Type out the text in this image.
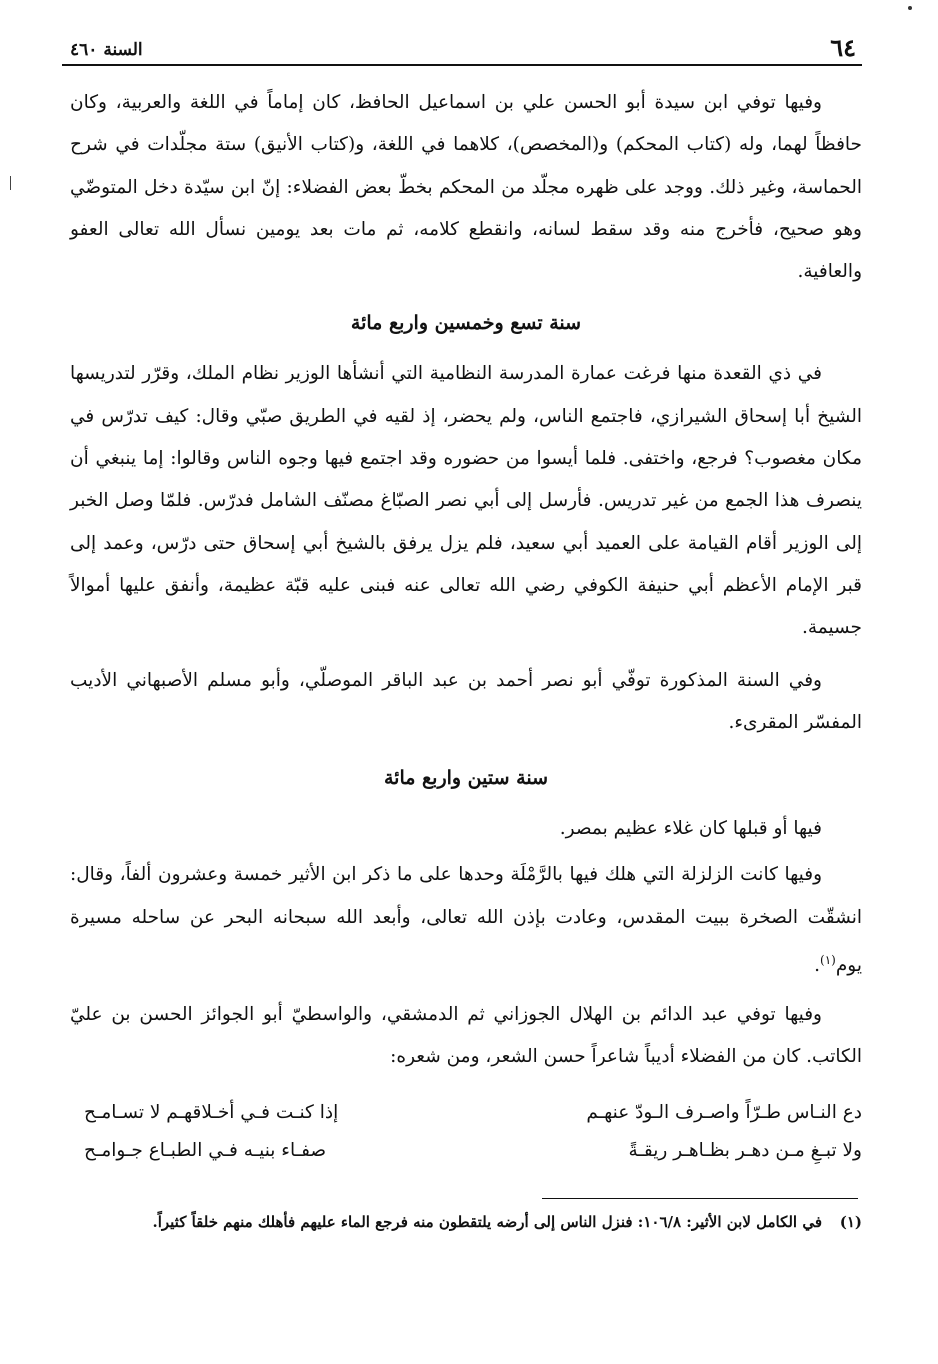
٦٤
السنة ٤٦٠

وفيها توفي ابن سيدة أبو الحسن علي بن اسماعيل الحافظ، كان إماماً في اللغة والعربية، وكان حافظاً لهما، وله (كتاب المحكم) و(المخصص)، كلاهما في اللغة، و(كتاب الأنيق) ستة مجلّدات في شرح الحماسة، وغير ذلك. ووجد على ظهره مجلّد من المحكم بخطّ بعض الفضلاء: إنّ ابن سيّدة دخل المتوضّي وهو صحيح، فأخرج منه وقد سقط لسانه، وانقطع كلامه، ثم مات بعد يومين نسأل الله تعالى العفو والعافية.

سنة تسع وخمسين واربع مائة

في ذي القعدة منها فرغت عمارة المدرسة النظامية التي أنشأها الوزير نظام الملك، وقرّر لتدريسها الشيخ أبا إسحاق الشيرازي، فاجتمع الناس، ولم يحضر، إذ لقيه في الطريق صبّي وقال: كيف تدرّس في مكان مغصوب؟ فرجع، واختفى. فلما أيسوا من حضوره وقد اجتمع فيها وجوه الناس وقالوا: إما ينبغي أن ينصرف هذا الجمع من غير تدريس. فأرسل إلى أبي نصر الصبّاغ مصنّف الشامل فدرّس. فلمّا وصل الخبر إلى الوزير أقام القيامة على العميد أبي سعيد، فلم يزل يرفق بالشيخ أبي إسحاق حتى درّس، وعمد إلى قبر الإمام الأعظم أبي حنيفة الكوفي رضي الله تعالى عنه فبنى عليه قبّة عظيمة، وأنفق عليها أموالاً جسيمة.

وفي السنة المذكورة توفّي أبو نصر أحمد بن عبد الباقر الموصلّي، وأبو مسلم الأصبهاني الأديب المفسّر المقرىء.

سنة ستين واربع مائة

فيها أو قبلها كان غلاء عظيم بمصر.

وفيها كانت الزلزلة التي هلك فيها بالرَّمْلَة وحدها على ما ذكر ابن الأثير خمسة وعشرون ألفاً، وقال: انشقّت الصخرة ببيت المقدس، وعادت بإذن الله تعالى، وأبعد الله سبحانه البحر عن ساحله مسيرة يوم$^{(١)}$.

وفيها توفي عبد الدائم بن الهلال الجوزاني ثم الدمشقي، والواسطيّ أبو الجوائز الحسن بن عليّ الكاتب. كان من الفضلاء أديباً شاعراً حسن الشعر، ومن شعره:

دع النـاس طـرّاً واصـرف الـودّ عنهـم
إذا كنـت فـي أخـلاقهـم لا تسـامـح
ولا تبـغِ مـن دهـر بظـاهـر ريقـةً
صفـاء بنيـه فـي الطبـاع جـوامـح
(١)
في الكامل لابن الأثير: ١٠٦/٨: فنزل الناس إلى أرضه يلتقطون منه فرجع الماء عليهم فأهلك منهم خلقاً كثيراً.
